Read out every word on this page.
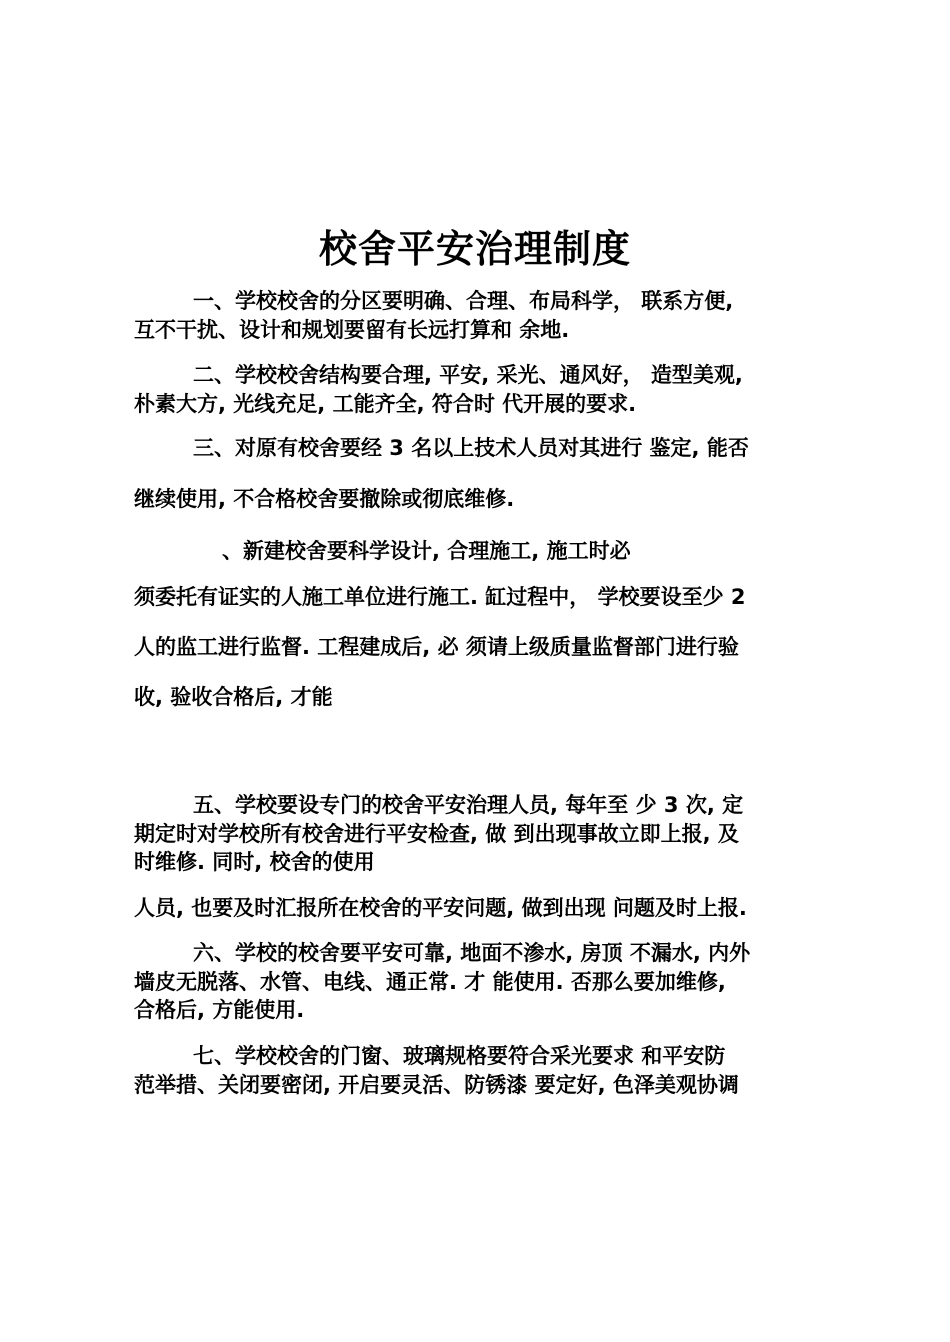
校舍平安治理制度
一、学校校舍的分区要明确、合理、布局科学， 联系方便,
互不干扰、设计和规划要留有长远打算和 余地.
二、学校校舍结构要合理, 平安, 采光、通风好， 造型美观,
朴素大方, 光线充足, 工能齐全, 符合时 代开展的要求.
三、对原有校舍要经 3 名以上技术人员对其进行 鉴定, 能否
继续使用, 不合格校舍要撤除或彻底维修.
、新建校舍要科学设计, 合理施工, 施工时必
须委托有证实的人施工单位进行施工. 缸过程中， 学校要设至少 2
人的监工进行监督. 工程建成后, 必 须请上级质量监督部门进行验
收, 验收合格后, 才能
五、学校要设专门的校舍平安治理人员, 每年至 少 3 次, 定
期定时对学校所有校舍进行平安检查, 做 到出现事故立即上报, 及
时维修. 同时, 校舍的使用
人员, 也要及时汇报所在校舍的平安问题, 做到出现 问题及时上报.
六、学校的校舍要平安可靠, 地面不渗水, 房顶 不漏水, 内外
墙皮无脱落、水管、电线、通正常. 才 能使用. 否那么要加维修,
合格后, 方能使用.
七、学校校舍的门窗、玻璃规格要符合采光要求 和平安防
范举措、关闭要密闭, 开启要灵活、防锈漆 要定好, 色泽美观协调
